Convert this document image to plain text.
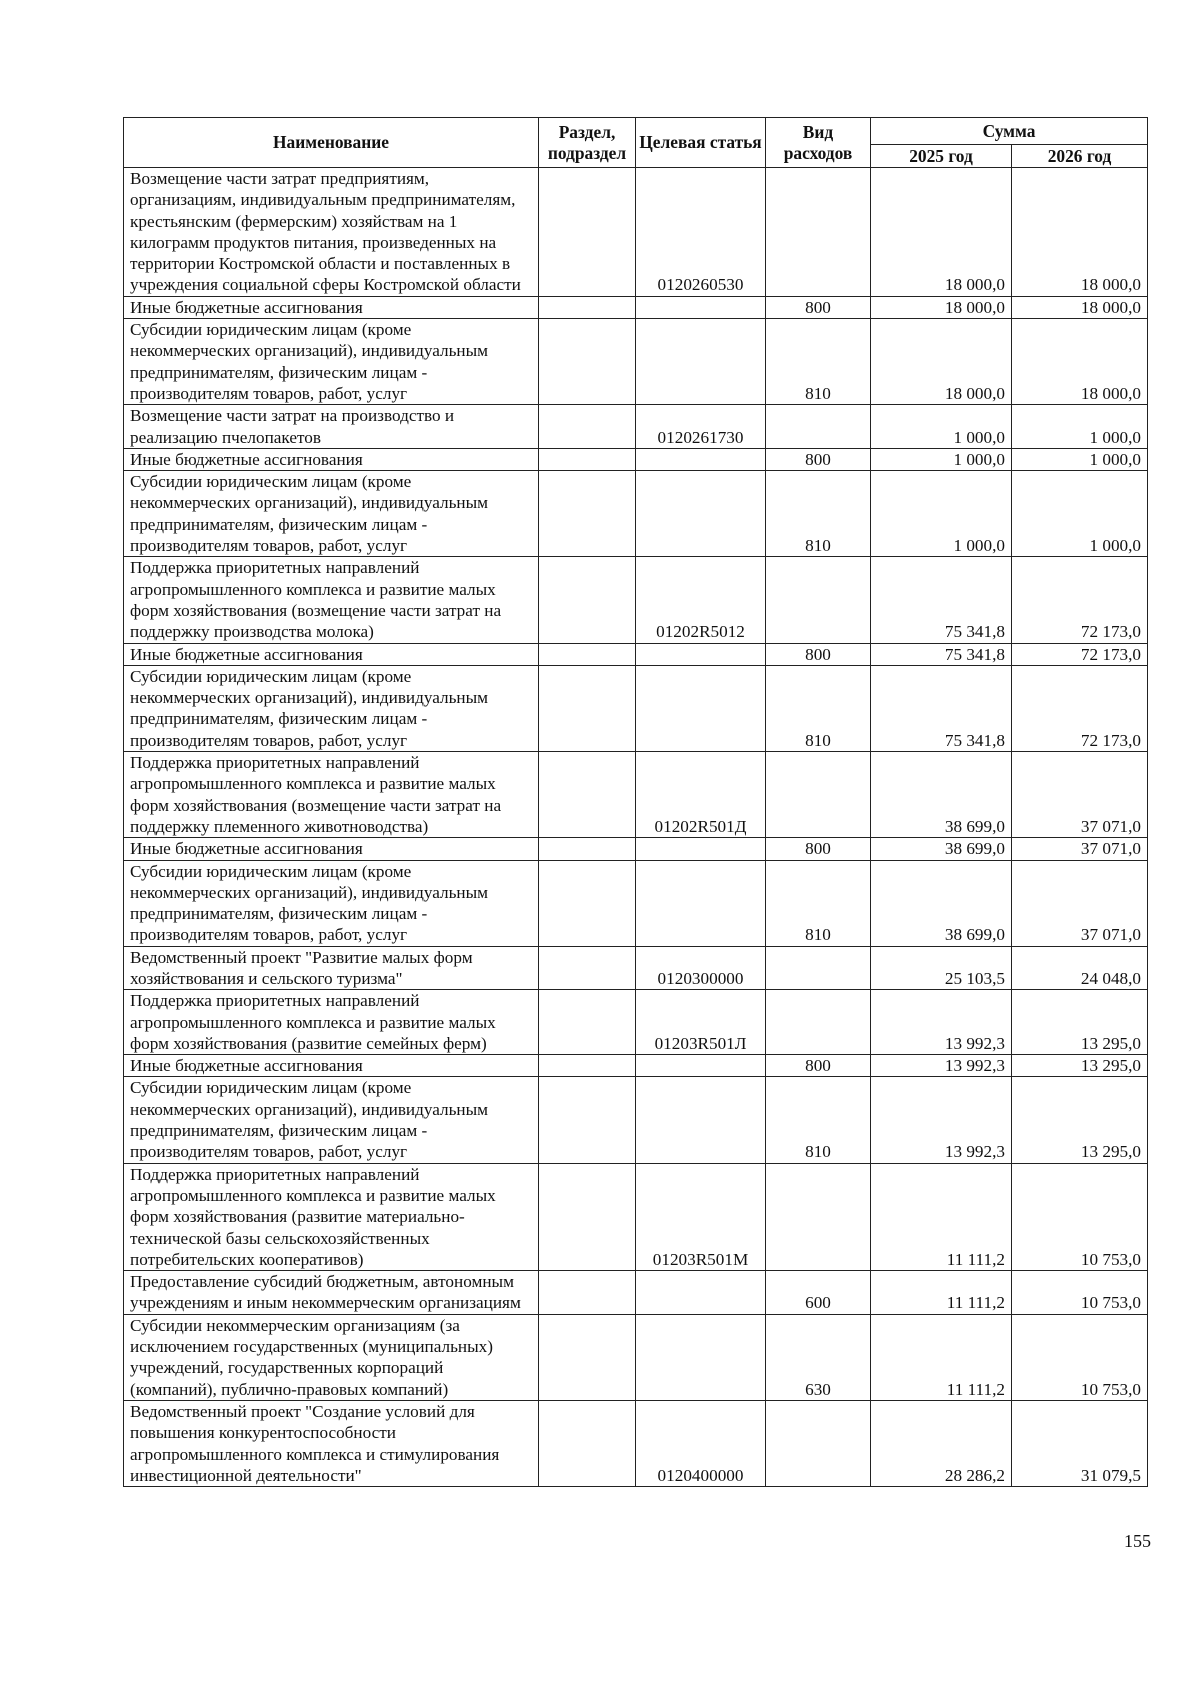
Наименование	Раздел, подраздел	Целевая статья	Вид расходов	Сумма	
				2025 год	2026 год
Возмещение части затрат предприятиям, организациям, индивидуальным предпринимателям, крестьянским (фермерским) хозяйствам на 1 килограмм продуктов питания, произведенных на территории Костромской области и поставленных в учреждения социальной сферы Костромской области		0120260530		18 000,0	18 000,0
Иные бюджетные ассигнования			800	18 000,0	18 000,0
Субсидии юридическим лицам (кроме некоммерческих организаций), индивидуальным предпринимателям, физическим лицам - производителям товаров, работ, услуг			810	18 000,0	18 000,0
Возмещение части затрат на производство и реализацию пчелопакетов		0120261730		1 000,0	1 000,0
Иные бюджетные ассигнования			800	1 000,0	1 000,0
Субсидии юридическим лицам (кроме некоммерческих организаций), индивидуальным предпринимателям, физическим лицам - производителям товаров, работ, услуг			810	1 000,0	1 000,0
Поддержка приоритетных направлений агропромышленного комплекса и развитие малых форм хозяйствования (возмещение части затрат на поддержку производства молока)		01202R5012		75 341,8	72 173,0
Иные бюджетные ассигнования			800	75 341,8	72 173,0
Субсидии юридическим лицам (кроме некоммерческих организаций), индивидуальным предпринимателям, физическим лицам - производителям товаров, работ, услуг			810	75 341,8	72 173,0
Поддержка приоритетных направлений агропромышленного комплекса и развитие малых форм хозяйствования (возмещение части затрат на поддержку племенного животноводства)		01202R501Д		38 699,0	37 071,0
Иные бюджетные ассигнования			800	38 699,0	37 071,0
Субсидии юридическим лицам (кроме некоммерческих организаций), индивидуальным предпринимателям, физическим лицам - производителям товаров, работ, услуг			810	38 699,0	37 071,0
Ведомственный проект "Развитие малых форм хозяйствования и сельского туризма"		0120300000		25 103,5	24 048,0
Поддержка приоритетных направлений агропромышленного комплекса и развитие малых форм хозяйствования (развитие семейных ферм)		01203R501Л		13 992,3	13 295,0
Иные бюджетные ассигнования			800	13 992,3	13 295,0
Субсидии юридическим лицам (кроме некоммерческих организаций), индивидуальным предпринимателям, физическим лицам - производителям товаров, работ, услуг			810	13 992,3	13 295,0
Поддержка приоритетных направлений агропромышленного комплекса и развитие малых форм хозяйствования (развитие материально-технической базы сельскохозяйственных потребительских кооперативов)		01203R501М		11 111,2	10 753,0
Предоставление субсидий бюджетным, автономным учреждениям и иным некоммерческим организациям			600	11 111,2	10 753,0
Субсидии некоммерческим организациям (за исключением государственных (муниципальных) учреждений, государственных корпораций (компаний), публично-правовых компаний)			630	11 111,2	10 753,0
Ведомственный проект "Создание условий для повышения конкурентоспособности агропромышленного комплекса и стимулирования инвестиционной деятельности"		0120400000		28 286,2	31 079,5
155
